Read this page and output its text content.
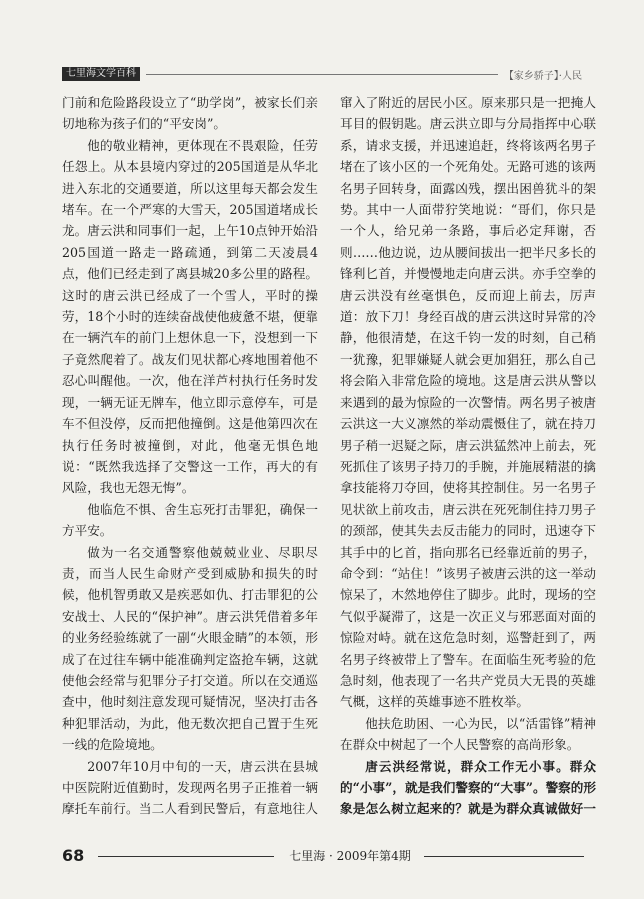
七里海文学百科	【家乡骄子】·人民

门前和危险路段设立了“助学岗”，被家长们亲切地称为孩子们的“平安岗”。

他的敬业精神，更体现在不畏艰险，任劳任怨上。从本县境内穿过的205国道是从华北进入东北的交通要道，所以这里每天都会发生堵车。在一个严寒的大雪天，205国道堵成长龙。唐云洪和同事们一起，上午10点钟开始沿205国道一路走一路疏通，到第二天凌晨4点，他们已经走到了离县城20多公里的路程。这时的唐云洪已经成了一个雪人，平时的操劳，18个小时的连续奋战使他疲惫不堪，便靠在一辆汽车的前门上想休息一下，没想到一下子竟然爬着了。战友们见状都心疼地围着他不忍心叫醒他。一次，他在洋芦村执行任务时发现，一辆无证无牌车，他立即示意停车，可是车不但没停，反而把他撞倒。这是他第四次在执行任务时被撞倒，对此，他毫无惧色地说：“既然我选择了交警这一工作，再大的有风险，我也无怨无悔”。

他临危不惧、舍生忘死打击罪犯，确保一方平安。

做为一名交通警察他兢兢业业、尽职尽责，而当人民生命财产受到威胁和损失的时候，他机智勇敢又是疾恶如仇、打击罪犯的公安战士、人民的“保护神”。唐云洪凭借着多年的业务经验练就了一副“火眼金睛”的本领，形成了在过往车辆中能准确判定盗抢车辆，这就使他会经常与犯罪分子打交道。所以在交通巡查中，他时刻注意发现可疑情况，坚决打击各种犯罪活动，为此，他无数次把自己置于生死一线的危险境地。

2007年10月中旬的一天，唐云洪在县城中医院附近值勤时，发现两名男子正推着一辆摩托车前行。当二人看到民警后，有意地往人

窜入了附近的居民小区。原来那只是一把掩人耳目的假钥匙。唐云洪立即与分局指挥中心联系，请求支援，并迅速追赶，终将该两名男子堵在了该小区的一个死角处。无路可逃的该两名男子回转身，面露凶残，摆出困兽犹斗的架势。其中一人面带狞笑地说：“哥们，你只是一个人，给兄弟一条路，事后必定拜谢，否则……他边说，边从腰间拔出一把半尺多长的锋利匕首，并慢慢地走向唐云洪。亦手空拳的唐云洪没有丝毫惧色，反而迎上前去，厉声道：放下刀！身经百战的唐云洪这时异常的冷静，他很清楚，在这千钧一发的时刻，自己稍一犹豫，犯罪嫌疑人就会更加猖狂，那么自己将会陷入非常危险的境地。这是唐云洪从警以来遇到的最为惊险的一次警情。两名男子被唐云洪这一大义凛然的举动震慑住了，就在持刀男子稍一迟疑之际，唐云洪猛然冲上前去，死死抓住了该男子持刀的手腕，并施展精湛的擒拿技能将刀夺回，使将其控制住。另一名男子见状欲上前攻击，唐云洪在死死制住持刀男子的颈部，使其失去反击能力的同时，迅速夺下其手中的匕首，指向那名已经靠近前的男子，命令到：“站住！”该男子被唐云洪的这一举动惊呆了，木然地停住了脚步。此时，现场的空气似乎凝滞了，这是一次正义与邪恶面对面的惊险对峙。就在这危急时刻，巡警赶到了，两名男子终被带上了警车。在面临生死考验的危急时刻，他表现了一名共产党员大无畏的英雄气概，这样的英雄事迹不胜枚举。

他扶危助困、一心为民，以“活雷锋”精神在群众中树起了一个人民警察的高尚形象。

唐云洪经常说，群众工作无小事。群众的“小事”，就是我们警察的“大事”。警察的形象是怎么树立起来的？就是为群众真诚做好一

68	七里海 · 2009年第4期
